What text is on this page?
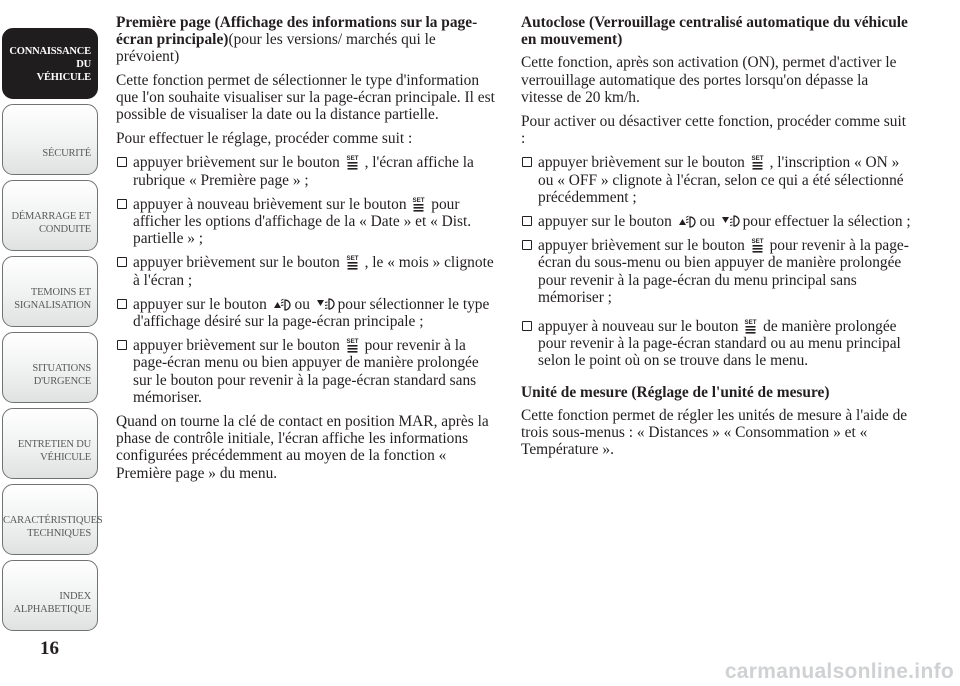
CONNAISSANCE DU
VÉHICULE
SÉCURITÉ
DÉMARRAGE ET
CONDUITE
TEMOINS ET
SIGNALISATION
SITUATIONS
D'URGENCE
ENTRETIEN DU
VÉHICULE
CARACTÉRISTIQUES
TECHNIQUES
INDEX
ALPHABETIQUE
16
carmanualsonline.info

Première page (Affichage des informations sur la page-écran principale)(pour les versions/ marchés qui le prévoient)

Cette fonction permet de sélectionner le type d'information que l'on souhaite visualiser sur la page-écran principale. Il est possible de visualiser la date ou la distance partielle.

Pour effectuer le réglage, procéder comme suit :

appuyer brièvement sur le bouton SET , l'écran affiche la rubrique « Première page » ;
appuyer à nouveau brièvement sur le bouton SET pour afficher les options d'affichage de la « Date » et « Dist. partielle » ;
appuyer brièvement sur le bouton SET , le « mois » clignote à l'écran ;
appuyer sur le bouton ou pour sélectionner le type d'affichage désiré sur la page-écran principale ;
appuyer brièvement sur le bouton SET pour revenir à la page-écran menu ou bien appuyer de manière prolongée sur le bouton pour revenir à la page-écran standard sans mémoriser.

Quand on tourne la clé de contact en position MAR, après la phase de contrôle initiale, l'écran affiche les informations configurées précédemment au moyen de la fonction « Première page » du menu.

Autoclose (Verrouillage centralisé automatique du véhicule en mouvement)

Cette fonction, après son activation (ON), permet d'activer le verrouillage automatique des portes lorsqu'on dépasse la vitesse de 20 km/h.

Pour activer ou désactiver cette fonction, procéder comme suit :

appuyer brièvement sur le bouton SET , l'inscription « ON » ou « OFF » clignote à l'écran, selon ce qui a été sélectionné précédemment ;
appuyer sur le bouton ou pour effectuer la sélection ;
appuyer brièvement sur le bouton SET pour revenir à la page-écran du sous-menu ou bien appuyer de manière prolongée pour revenir à la page-écran du menu principal sans mémoriser ;
appuyer à nouveau sur le bouton SET de manière prolongée pour revenir à la page-écran standard ou au menu principal selon le point où on se trouve dans le menu.

Unité de mesure (Réglage de l'unité de mesure)

Cette fonction permet de régler les unités de mesure à l'aide de trois sous-menus : « Distances » « Consommation » et « Température ».
